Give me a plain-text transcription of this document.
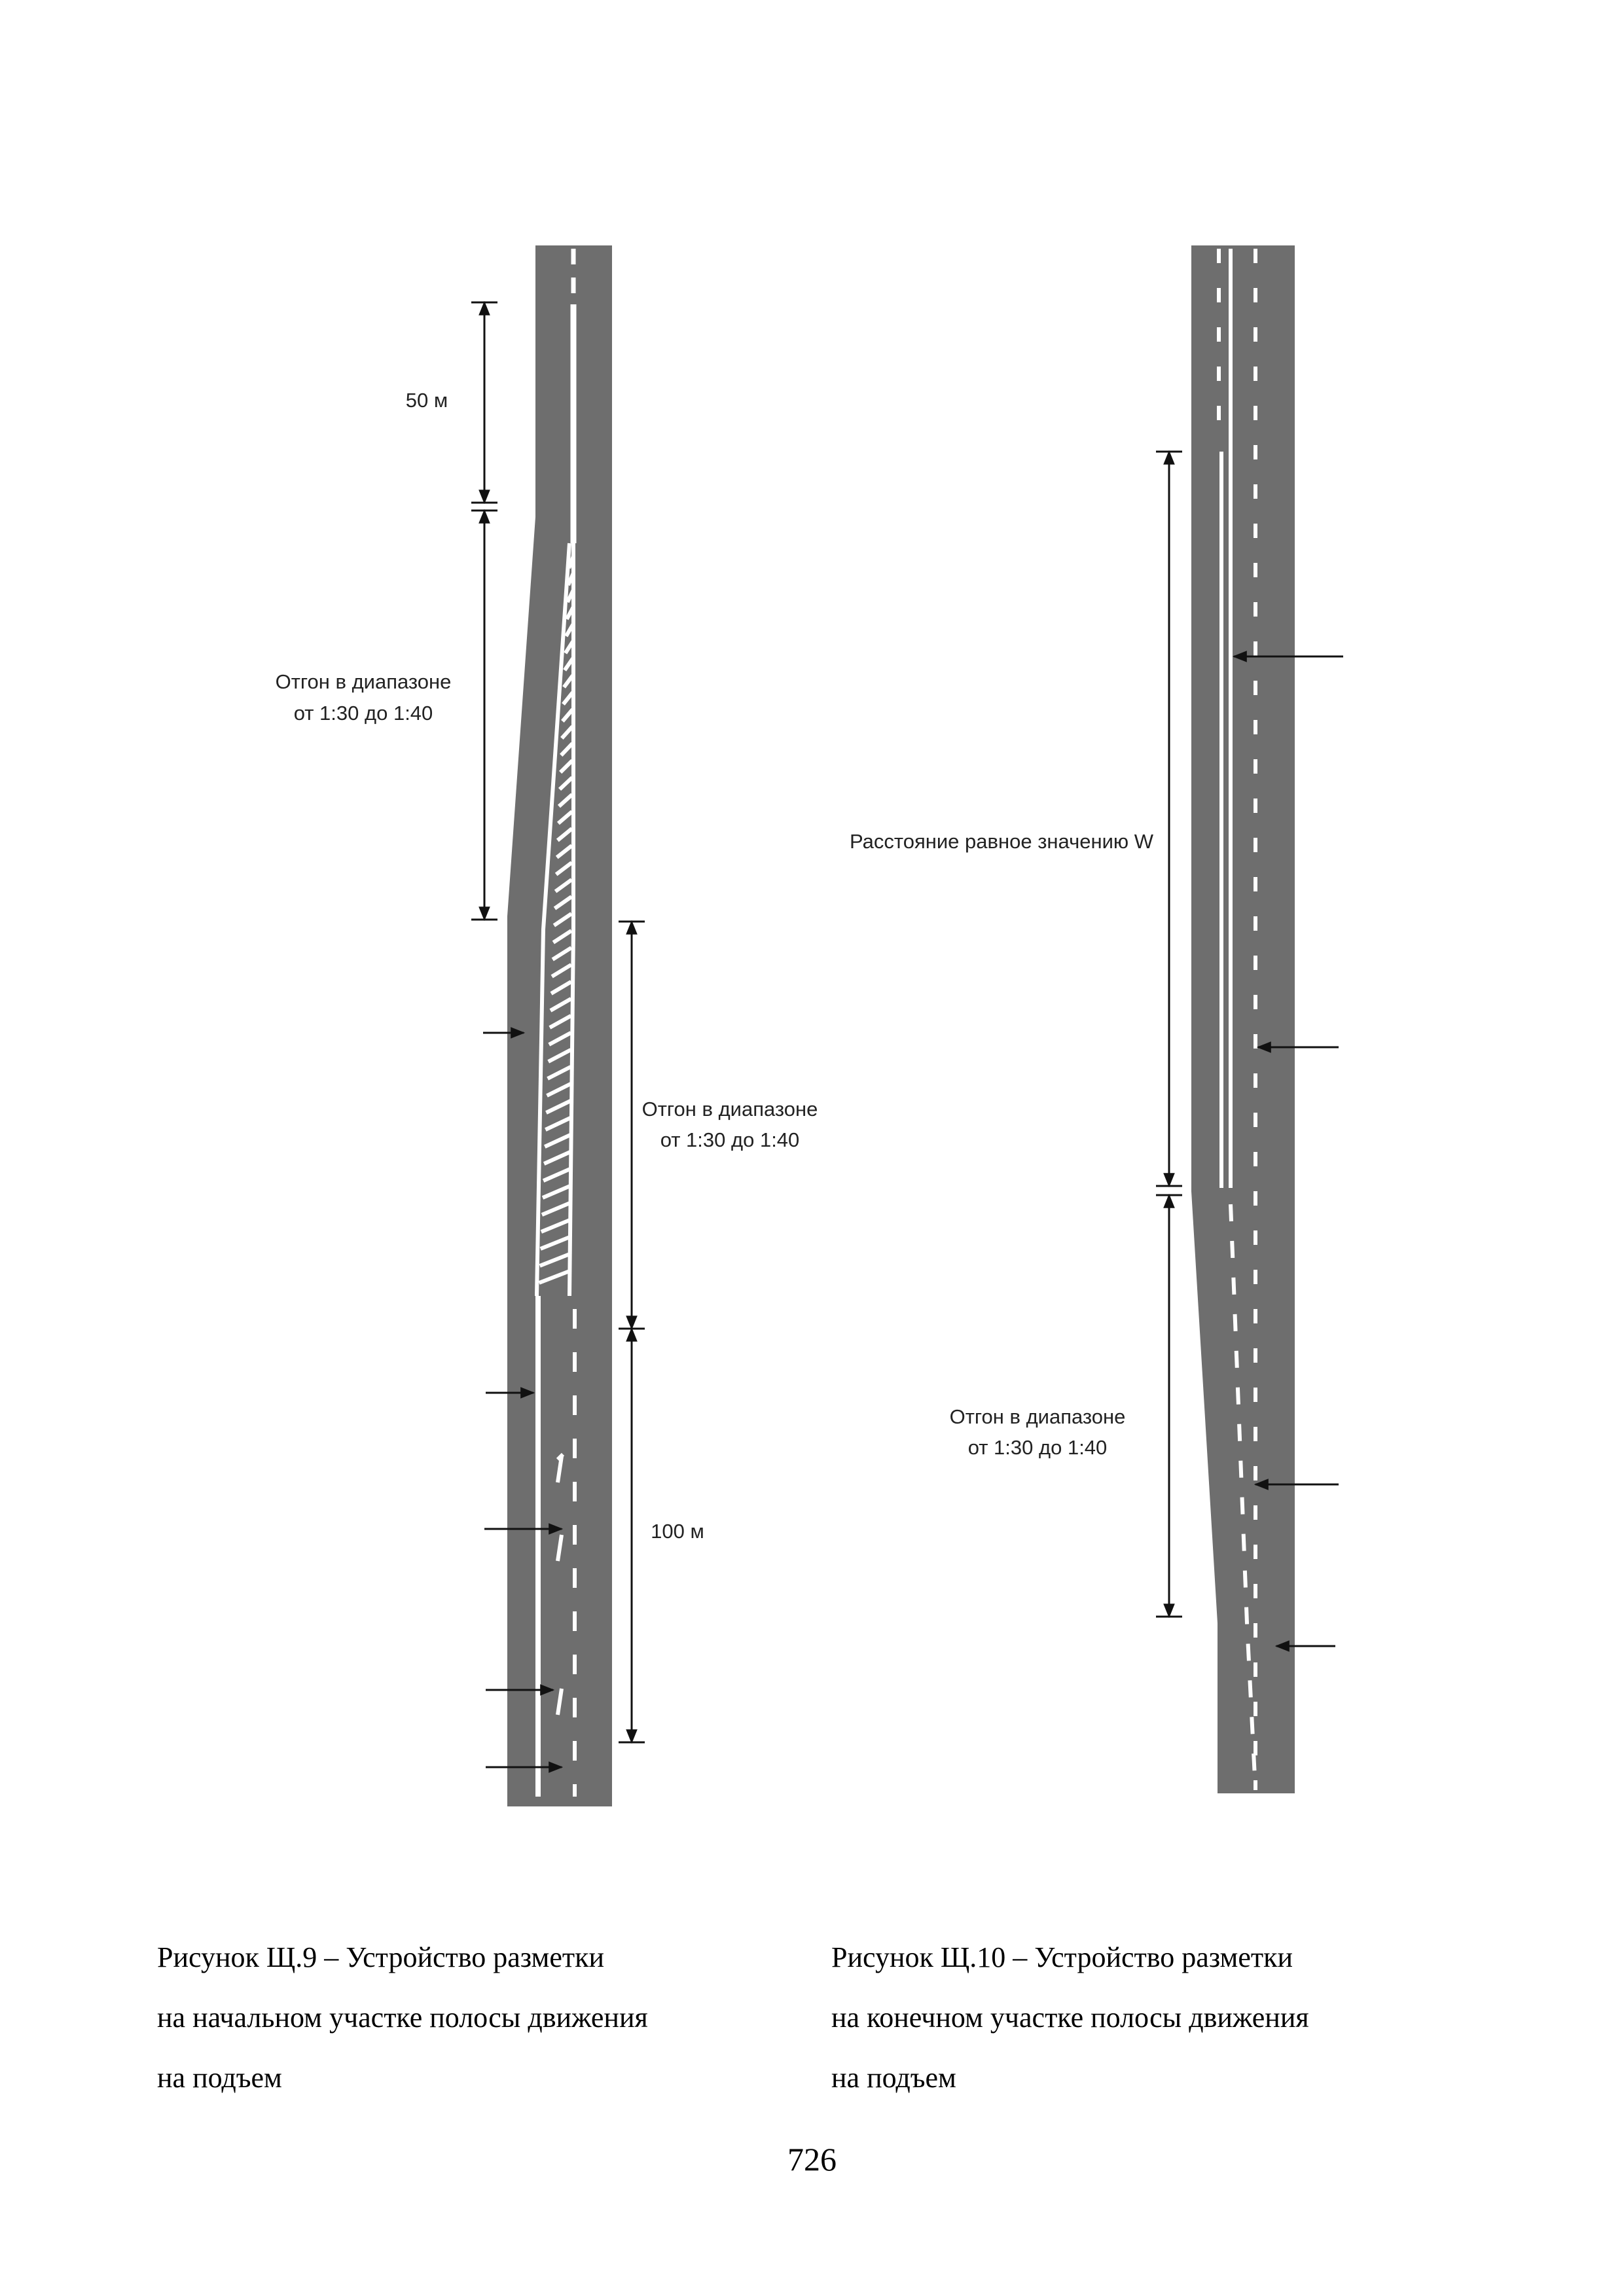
50 м
Отгон в диапазоне
от 1:30 до 1:40
Отгон в диапазоне
от 1:30 до 1:40
100 м
Расстояние равное значению W
Отгон в диапазоне
от 1:30 до 1:40
Рисунок Щ.9 – Устройство разметки
на начальном участке полосы движения
на подъем
Рисунок Щ.10 – Устройство разметки
на конечном участке полосы движения
на подъем
726
